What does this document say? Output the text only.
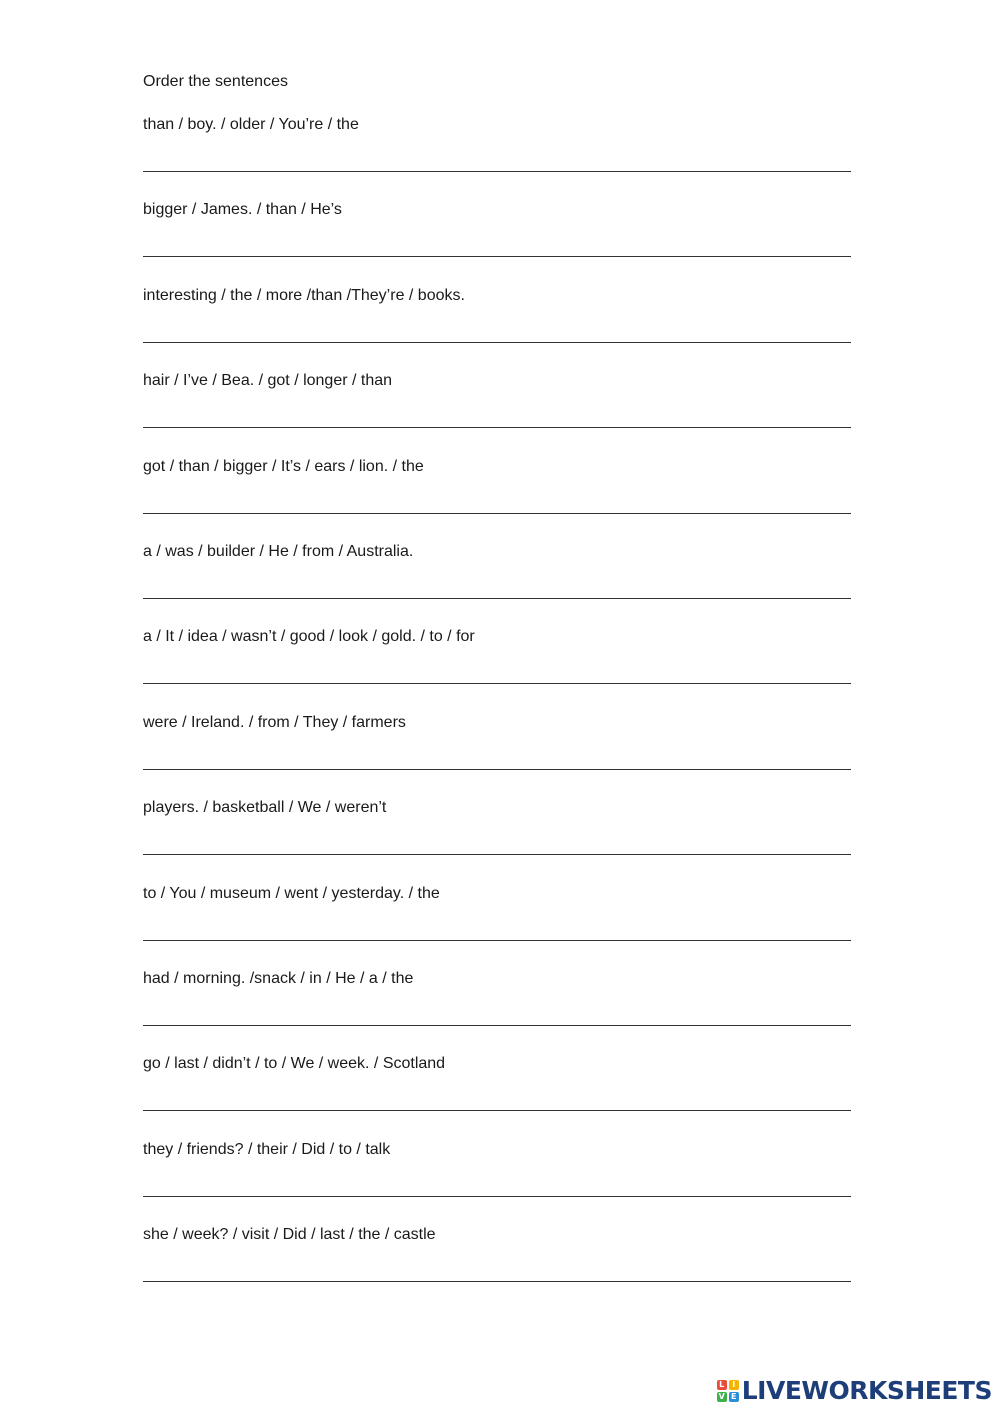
Order the sentences
than / boy. / older / You’re / the
bigger / James. / than / He’s
interesting / the / more /than /They’re / books.
hair / I’ve / Bea. / got / longer / than
got / than / bigger / It’s / ears / lion. / the
a / was / builder / He / from / Australia.
a / It / idea / wasn’t / good / look / gold. / to / for
were / Ireland. / from / They / farmers
players. / basketball / We / weren’t
to / You / museum / went / yesterday. / the
had / morning. /snack / in / He / a / the
go / last / didn’t / to / We / week. / Scotland
they / friends? / their / Did / to / talk
she / week? / visit / Did / last / the / castle
L I
V E LIVEWORKSHEETS
